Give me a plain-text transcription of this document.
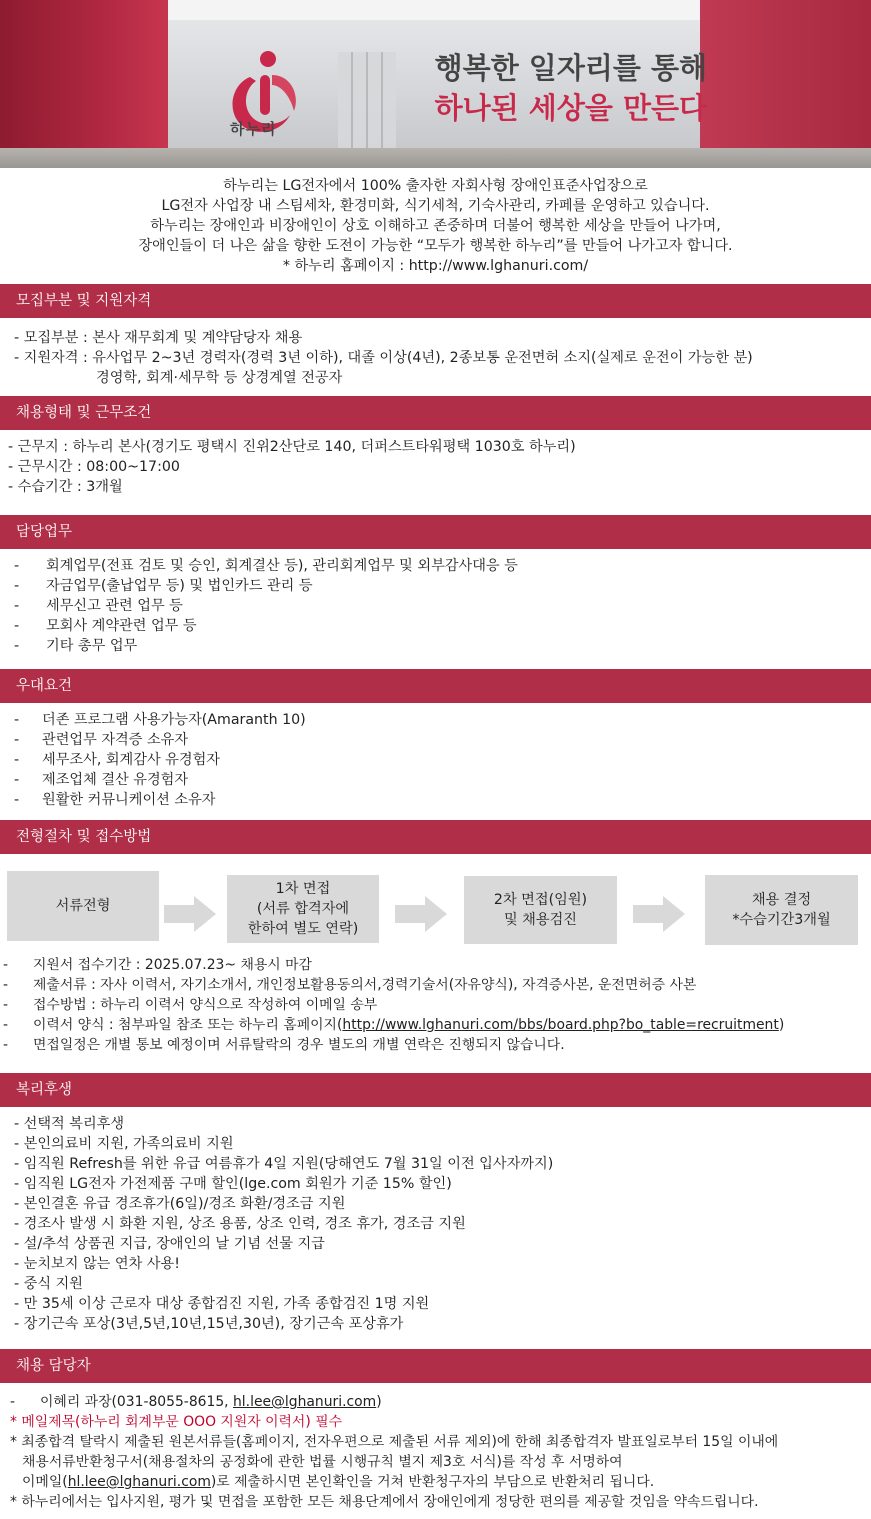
하누리
행복한 일자리를 통해
하나된 세상을 만든다
하누리는 LG전자에서 100% 출자한 자회사형 장애인표준사업장으로
LG전자 사업장 내 스팀세차, 환경미화, 식기세척, 기숙사관리, 카페를 운영하고 있습니다.
하누리는 장애인과 비장애인이 상호 이해하고 존중하며 더불어 행복한 세상을 만들어 나가며,
장애인들이 더 나은 삶을 향한 도전이 가능한 “모두가 행복한 하누리”를 만들어 나가고자 합니다.
* 하누리 홈페이지 : http://www.lghanuri.com/
모집부분 및 지원자격
- 모집부분 : 본사 재무회계 및 계약담당자 채용
- 지원자격 : 유사업무 2~3년 경력자(경력 3년 이하), 대졸 이상(4년), 2종보통 운전면허 소지(실제로 운전이 가능한 분)
경영학, 회계·세무학 등 상경계열 전공자
채용형태 및 근무조건
- 근무지 : 하누리 본사(경기도 평택시 진위2산단로 140, 더퍼스트타워평택 1030호 하누리)
- 근무시간 : 08:00~17:00
- 수습기간 : 3개월
담당업무
- 회계업무(전표 검토 및 승인, 회계결산 등), 관리회계업무 및 외부감사대응 등
- 자금업무(출납업무 등) 및 법인카드 관리 등
- 세무신고 관련 업무 등
- 모회사 계약관련 업무 등
- 기타 총무 업무
우대요건
- 더존 프로그램 사용가능자(Amaranth 10)
- 관련업무 자격증 소유자
- 세무조사, 회계감사 유경험자
- 제조업체 결산 유경험자
- 원활한 커뮤니케이션 소유자
전형절차 및 접수방법
서류전형
1차 면접
(서류 합격자에
한하여 별도 연락)
2차 면접(임원)
및 채용검진
채용 결정
*수습기간3개월
- 지원서 접수기간 : 2025.07.23~ 채용시 마감
- 제출서류 : 자사 이력서, 자기소개서, 개인정보활용동의서,경력기술서(자유양식), 자격증사본, 운전면허증 사본
- 접수방법 : 하누리 이력서 양식으로 작성하여 이메일 송부
- 이력서 양식 : 첨부파일 참조 또는 하누리 홈페이지(http://www.lghanuri.com/bbs/board.php?bo_table=recruitment)
- 면접일정은 개별 통보 예정이며 서류탈락의 경우 별도의 개별 연락은 진행되지 않습니다.
복리후생
- 선택적 복리후생
- 본인의료비 지원, 가족의료비 지원
- 임직원 Refresh를 위한 유급 여름휴가 4일 지원(당해연도 7월 31일 이전 입사자까지)
- 임직원 LG전자 가전제품 구매 할인(lge.com 회원가 기준 15% 할인)
- 본인결혼 유급 경조휴가(6일)/경조 화환/경조금 지원
- 경조사 발생 시 화환 지원, 상조 용품, 상조 인력, 경조 휴가, 경조금 지원
- 설/추석 상품권 지급, 장애인의 날 기념 선물 지급
- 눈치보지 않는 연차 사용!
- 중식 지원
- 만 35세 이상 근로자 대상 종합검진 지원, 가족 종합검진 1명 지원
- 장기근속 포상(3년,5년,10년,15년,30년), 장기근속 포상휴가
채용 담당자
- 이혜리 과장(031-8055-8615, hl.lee@lghanuri.com)
* 메일제목(하누리 회계부문 OOO 지원자 이력서) 필수
* 최종합격 탈락시 제출된 원본서류들(홈페이지, 전자우편으로 제출된 서류 제외)에 한해 최종합격자 발표일로부터 15일 이내에
채용서류반환청구서(채용절차의 공정화에 관한 법률 시행규칙 별지 제3호 서식)를 작성 후 서명하여
이메일(hl.lee@lghanuri.com)로 제출하시면 본인확인을 거쳐 반환청구자의 부담으로 반환처리 됩니다.
* 하누리에서는 입사지원, 평가 및 면접을 포함한 모든 채용단계에서 장애인에게 정당한 편의를 제공할 것임을 약속드립니다.
